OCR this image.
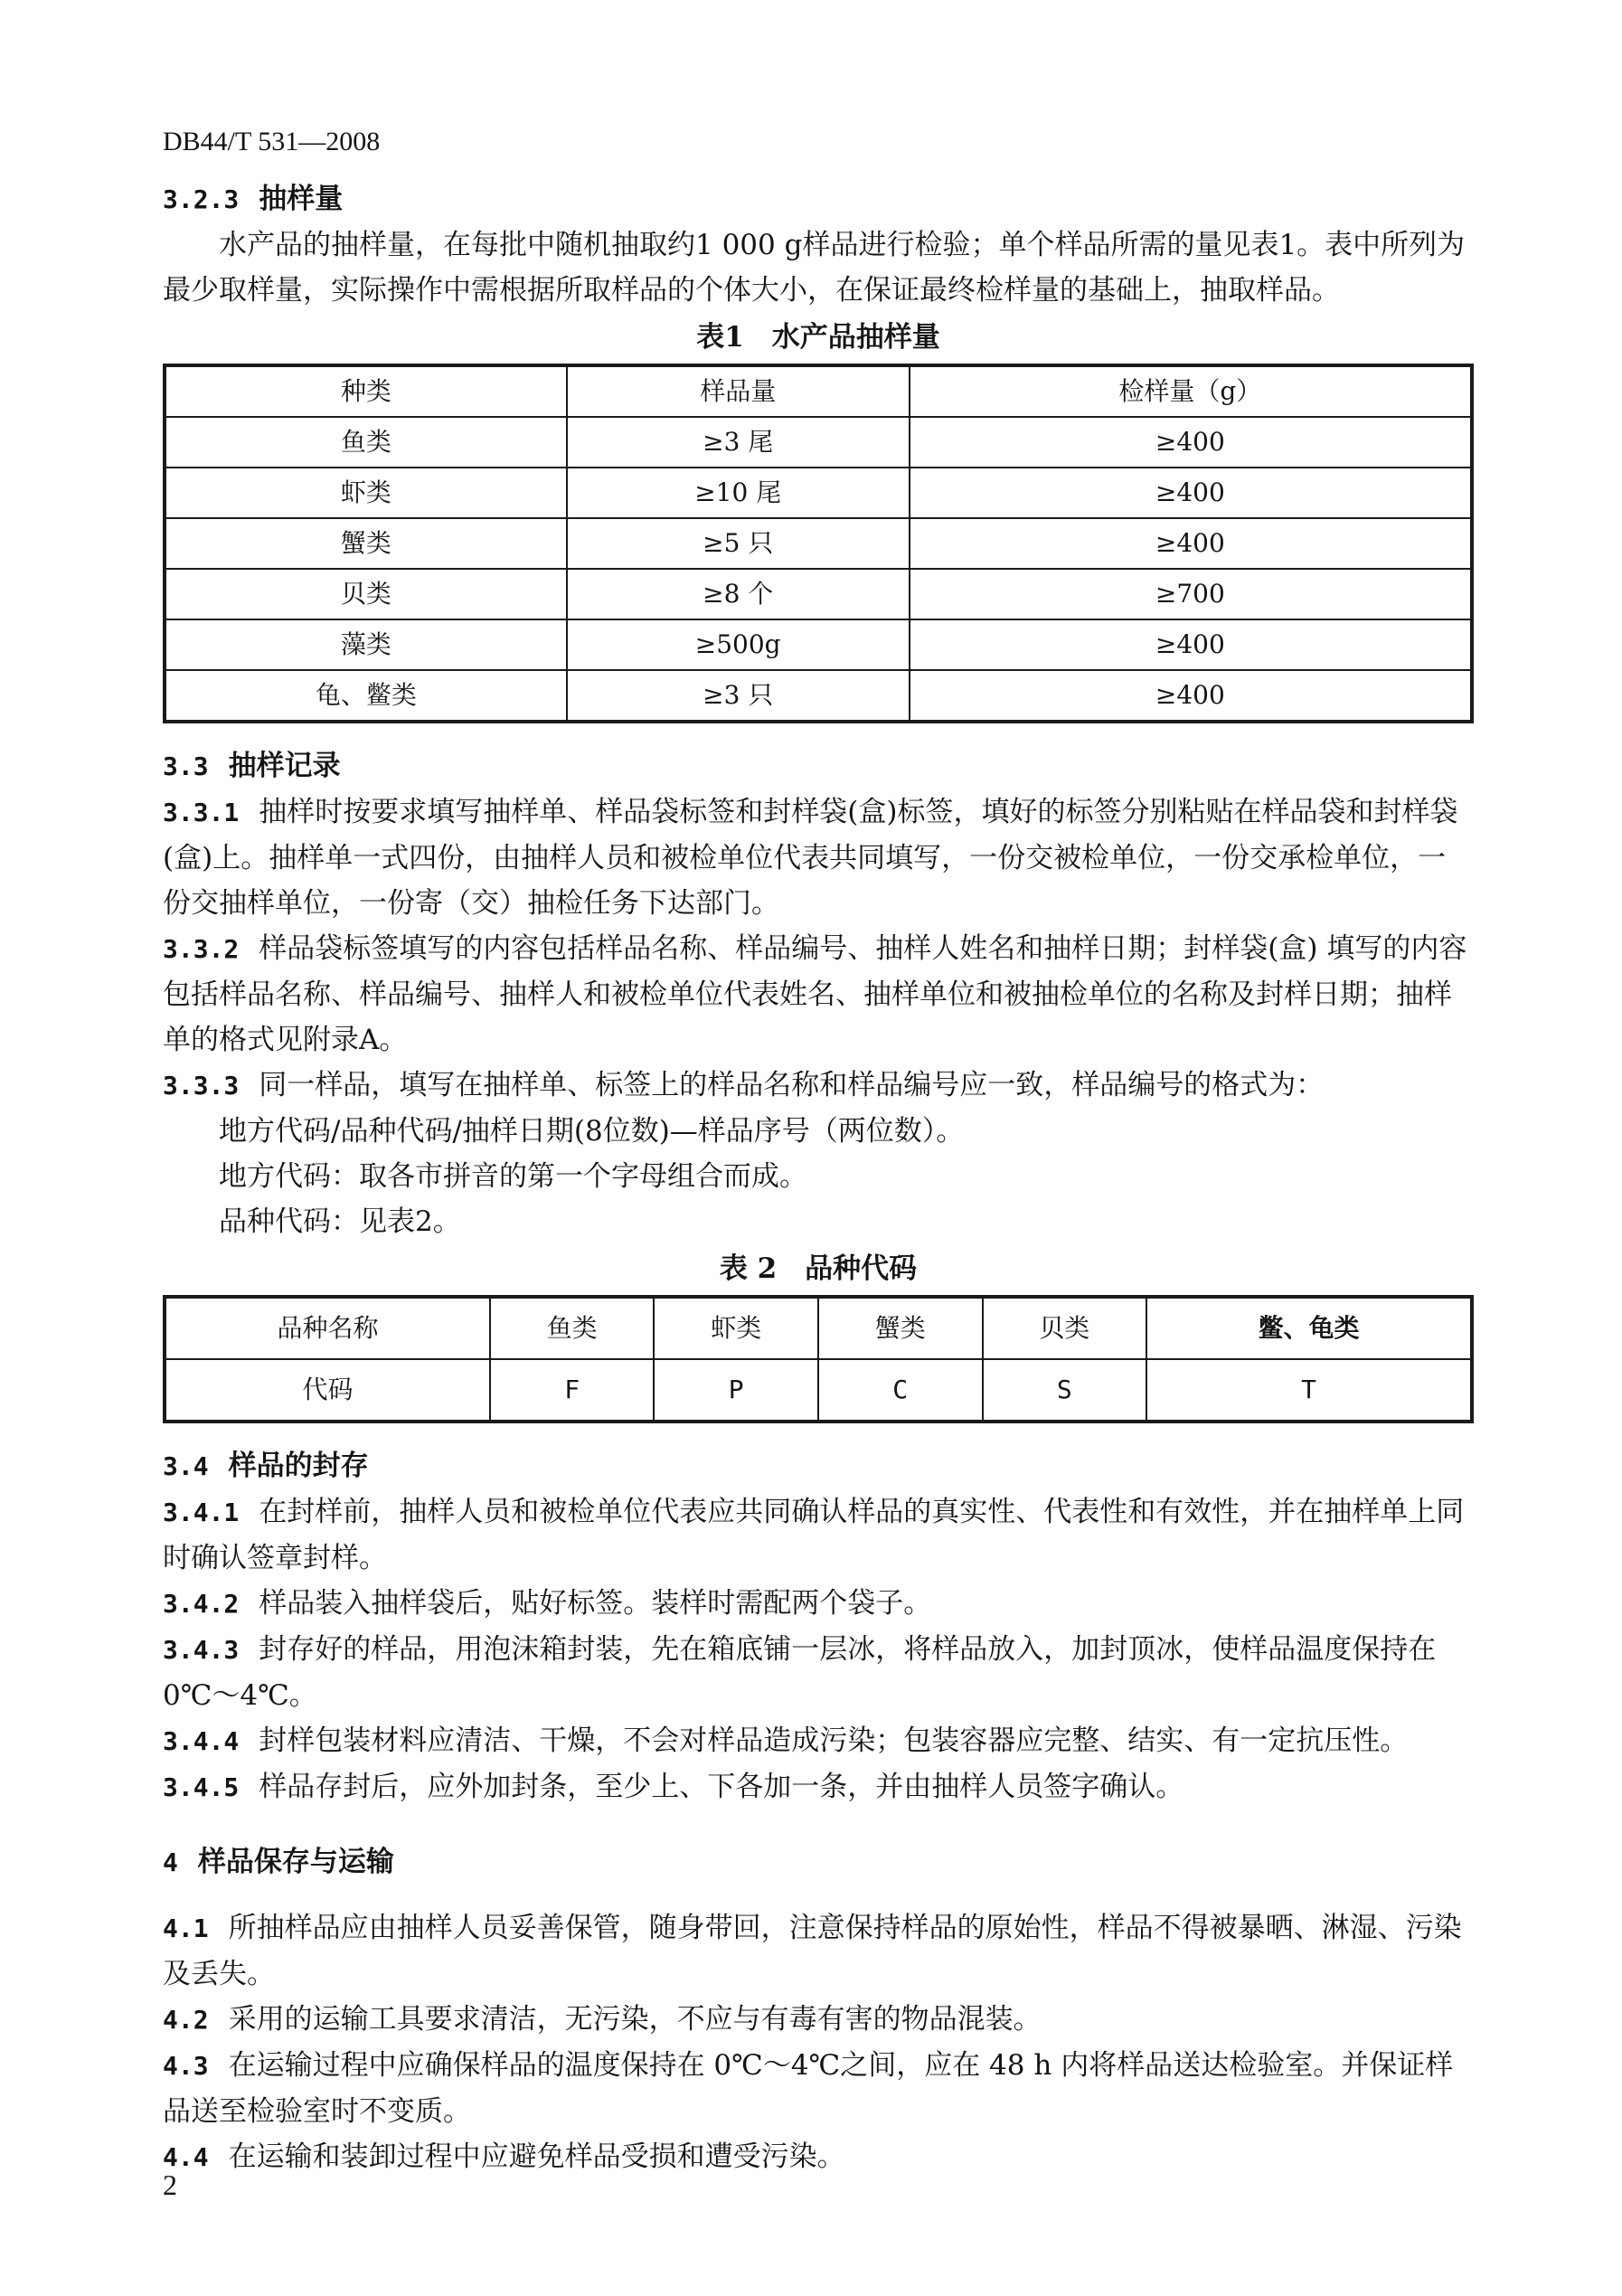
DB44/T 531—2008
3.2.3 抽样量

水产品的抽样量，在每批中随机抽取约1 000 g样品进行检验；单个样品所需的量见表1。表中所列为最少取样量，实际操作中需根据所取样品的个体大小，在保证最终检样量的基础上，抽取样品。

表1　水产品抽样量
种类	样品量	检样量（g）
鱼类	≥3 尾	≥400
虾类	≥10 尾	≥400
蟹类	≥5 只	≥400
贝类	≥8 个	≥700
藻类	≥500g	≥400
龟、鳖类	≥3 只	≥400
3.3 抽样记录

3.3.1 抽样时按要求填写抽样单、样品袋标签和封样袋(盒)标签，填好的标签分别粘贴在样品袋和封样袋(盒)上。抽样单一式四份，由抽样人员和被检单位代表共同填写，一份交被检单位，一份交承检单位，一份交抽样单位，一份寄（交）抽检任务下达部门。

3.3.2 样品袋标签填写的内容包括样品名称、样品编号、抽样人姓名和抽样日期；封样袋(盒) 填写的内容包括样品名称、样品编号、抽样人和被检单位代表姓名、抽样单位和被抽检单位的名称及封样日期；抽样单的格式见附录A。

3.3.3 同一样品，填写在抽样单、标签上的样品名称和样品编号应一致，样品编号的格式为：

地方代码/品种代码/抽样日期(8位数)—样品序号（两位数）。

地方代码：取各市拼音的第一个字母组合而成。

品种代码：见表2。

表 2　品种代码
品种名称	鱼类	虾类	蟹类	贝类	鳖、龟类
代码	F	P	C	S	T
3.4 样品的封存

3.4.1 在封样前，抽样人员和被检单位代表应共同确认样品的真实性、代表性和有效性，并在抽样单上同时确认签章封样。

3.4.2 样品装入抽样袋后，贴好标签。装样时需配两个袋子。

3.4.3 封存好的样品，用泡沫箱封装，先在箱底铺一层冰，将样品放入，加封顶冰，使样品温度保持在 0℃～4℃。

3.4.4 封样包装材料应清洁、干燥，不会对样品造成污染；包装容器应完整、结实、有一定抗压性。

3.4.5 样品存封后，应外加封条，至少上、下各加一条，并由抽样人员签字确认。

4 样品保存与运输

4.1 所抽样品应由抽样人员妥善保管，随身带回，注意保持样品的原始性，样品不得被暴晒、淋湿、污染及丢失。

4.2 采用的运输工具要求清洁，无污染，不应与有毒有害的物品混装。

4.3 在运输过程中应确保样品的温度保持在 0℃～4℃之间，应在 48 h 内将样品送达检验室。并保证样品送至检验室时不变质。

4.4 在运输和装卸过程中应避免样品受损和遭受污染。

2
